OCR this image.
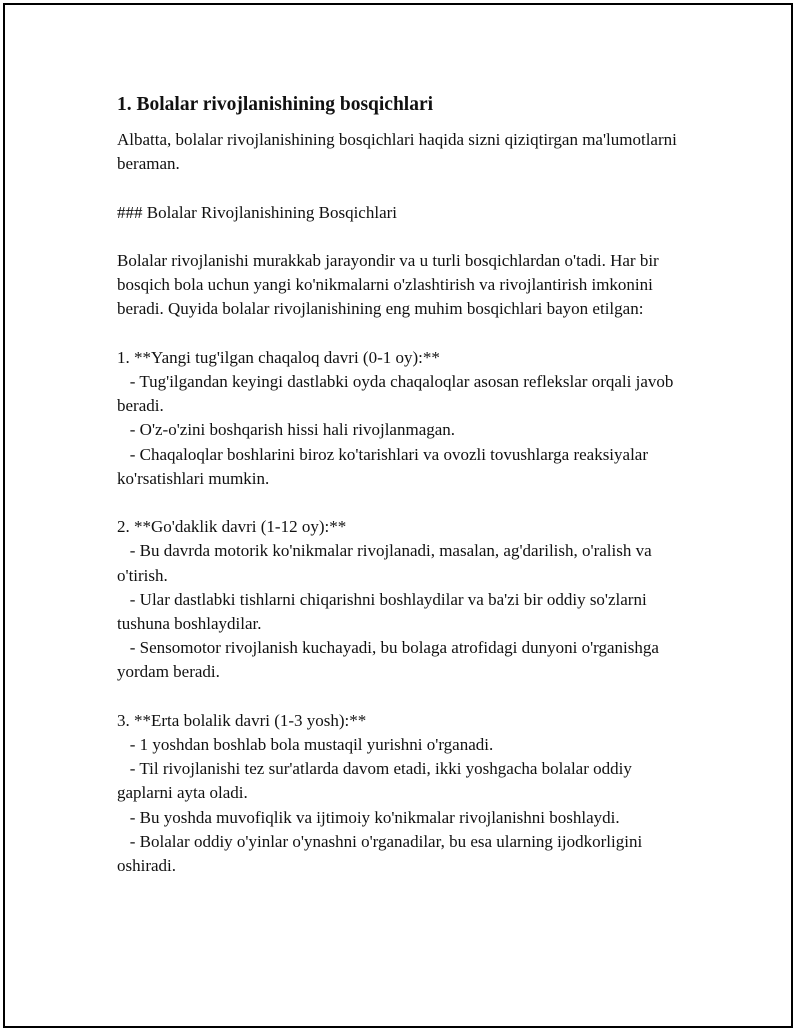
1. Bolalar rivojlanishining bosqichlari

Albatta, bolalar rivojlanishining bosqichlari haqida sizni qiziqtirgan ma'lumotlarni beraman.

### Bolalar Rivojlanishining Bosqichlari

Bolalar rivojlanishi murakkab jarayondir va u turli bosqichlardan o'tadi. Har bir bosqich bola uchun yangi ko'nikmalarni o'zlashtirish va rivojlantirish imkonini beradi. Quyida bolalar rivojlanishining eng muhim bosqichlari bayon etilgan:

1. **Yangi tug'ilgan chaqaloq davri (0-1 oy):**

- Tug'ilgandan keyingi dastlabki oyda chaqaloqlar asosan reflekslar orqali javob beradi.

- O'z-o'zini boshqarish hissi hali rivojlanmagan.

- Chaqaloqlar boshlarini biroz ko'tarishlari va ovozli tovushlarga reaksiyalar ko'rsatishlari mumkin.

2. **Go'daklik davri (1-12 oy):**

- Bu davrda motorik ko'nikmalar rivojlanadi, masalan, ag'darilish, o'ralish va o'tirish.

- Ular dastlabki tishlarni chiqarishni boshlaydilar va ba'zi bir oddiy so'zlarni tushuna boshlaydilar.

- Sensomotor rivojlanish kuchayadi, bu bolaga atrofidagi dunyoni o'rganishga yordam beradi.

3. **Erta bolalik davri (1-3 yosh):**

- 1 yoshdan boshlab bola mustaqil yurishni o'rganadi.

- Til rivojlanishi tez sur'atlarda davom etadi, ikki yoshgacha bolalar oddiy gaplarni ayta oladi.

- Bu yoshda muvofiqlik va ijtimoiy ko'nikmalar rivojlanishni boshlaydi.

- Bolalar oddiy o'yinlar o'ynashni o'rganadilar, bu esa ularning ijodkorligini oshiradi.
